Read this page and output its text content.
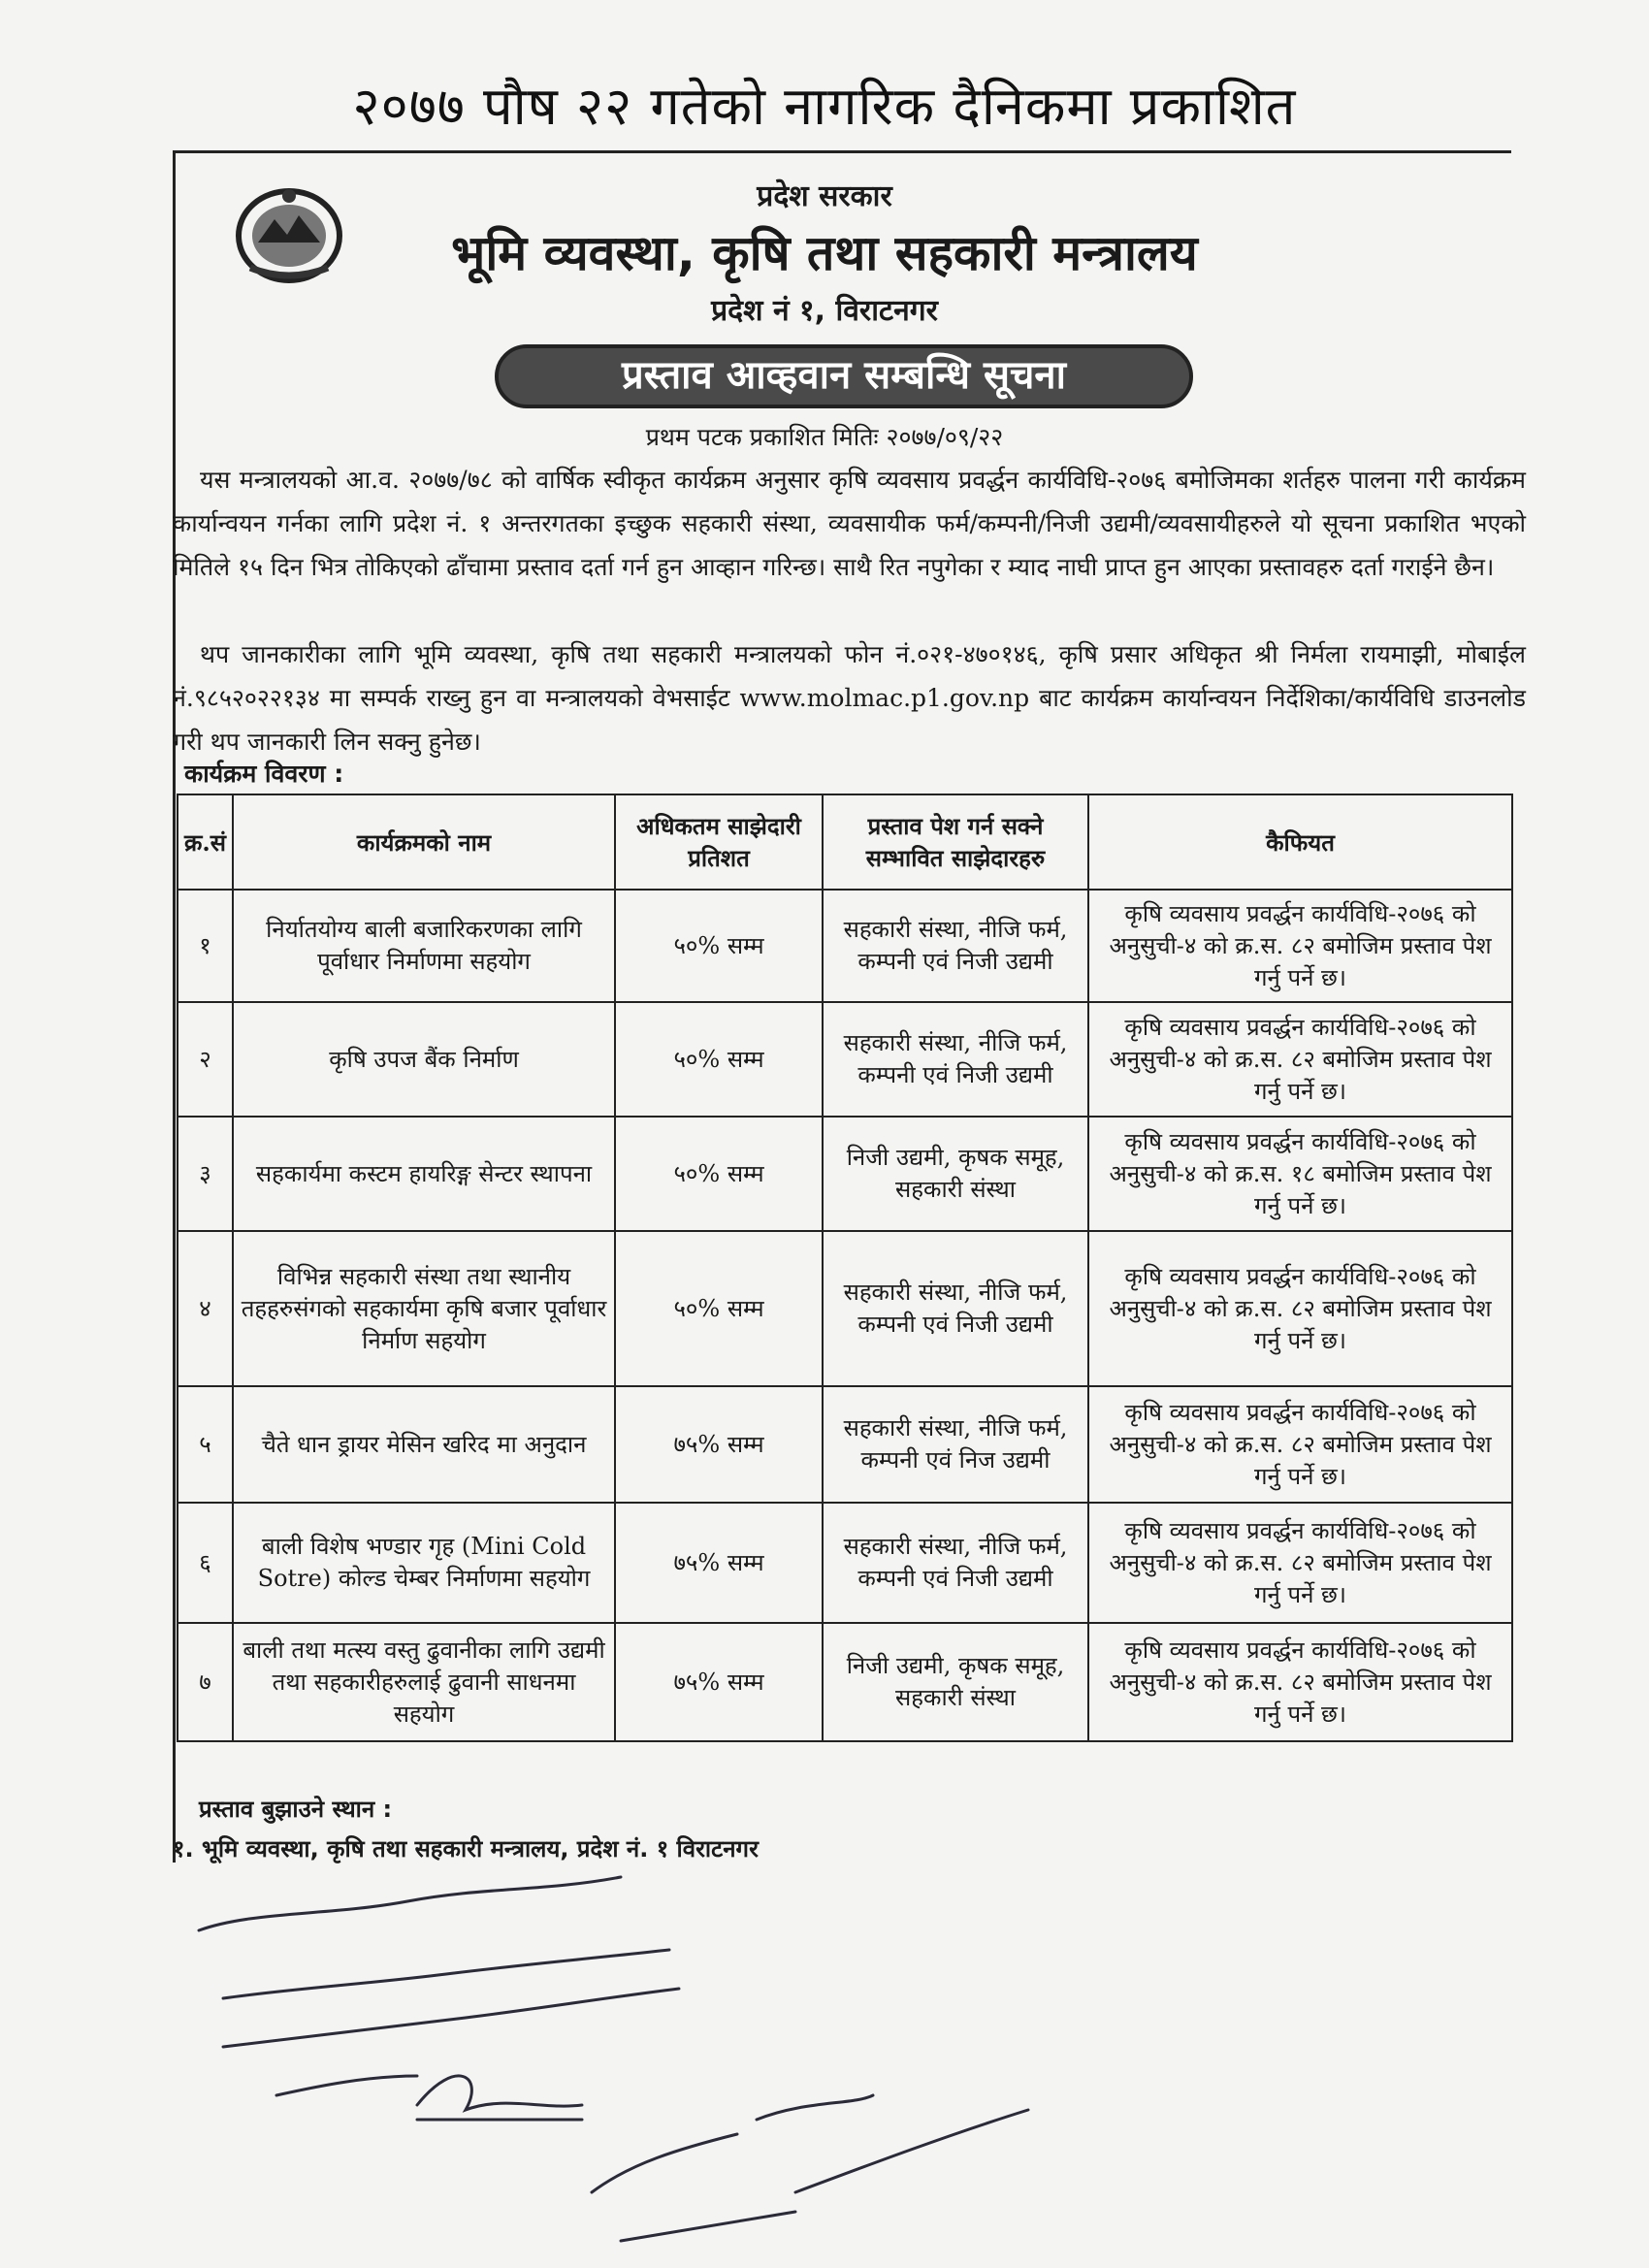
२०७७ पौष २२ गतेको नागरिक दैनिकमा प्रकाशित
प्रदेश सरकार
भूमि व्यवस्था, कृषि तथा सहकारी मन्त्रालय
प्रदेश नं १, विराटनगर
प्रस्ताव आव्हवान सम्बन्धि सूचना
प्रथम पटक प्रकाशित मितिः २०७७/०९/२२
यस मन्त्रालयको आ.व. २०७७/७८ को वार्षिक स्वीकृत कार्यक्रम अनुसार कृषि व्यवसाय प्रवर्द्धन कार्यविधि-२०७६ बमोजिमका शर्तहरु पालना गरी कार्यक्रम कार्यान्वयन गर्नका लागि प्रदेश नं. १ अन्तरगतका इच्छुक सहकारी संस्था, व्यवसायीक फर्म/कम्पनी/निजी उद्यमी/व्यवसायीहरुले यो सूचना प्रकाशित भएको मितिले १५ दिन भित्र तोकिएको ढाँचामा प्रस्ताव दर्ता गर्न हुन आव्हान गरिन्छ। साथै रित नपुगेका र म्याद नाघी प्राप्त हुन आएका प्रस्तावहरु दर्ता गराईने छैन।
थप जानकारीका लागि भूमि व्यवस्था, कृषि तथा सहकारी मन्त्रालयको फोन नं.०२१-४७०१४६, कृषि प्रसार अधिकृत श्री निर्मला रायमाझी, मोबाईल नं.९८५२०२२१३४ मा सम्पर्क राख्नु हुन वा मन्त्रालयको वेभसाईट www.molmac.p1.gov.np बाट कार्यक्रम कार्यान्वयन निर्देशिका/कार्यविधि डाउनलोड गरी थप जानकारी लिन सक्नु हुनेछ।
कार्यक्रम विवरण :
क्र.सं	कार्यक्रमको नाम	अधिकतम साझेदारी प्रतिशत	प्रस्ताव पेश गर्न सक्ने सम्भावित साझेदारहरु	कैफियत
१	निर्यातयोग्य बाली बजारिकरणका लागि पूर्वाधार निर्माणमा सहयोग	५०% सम्म	सहकारी संस्था, नीजि फर्म, कम्पनी एवं निजी उद्यमी	कृषि व्यवसाय प्रवर्द्धन कार्यविधि-२०७६ को अनुसुची-४ को क्र.स. ८२ बमोजिम प्रस्ताव पेश गर्नु पर्ने छ।
२	कृषि उपज बैंक निर्माण	५०% सम्म	सहकारी संस्था, नीजि फर्म, कम्पनी एवं निजी उद्यमी	कृषि व्यवसाय प्रवर्द्धन कार्यविधि-२०७६ को अनुसुची-४ को क्र.स. ८२ बमोजिम प्रस्ताव पेश गर्नु पर्ने छ।
३	सहकार्यमा कस्टम हायरिङ्ग सेन्टर स्थापना	५०% सम्म	निजी उद्यमी, कृषक समूह, सहकारी संस्था	कृषि व्यवसाय प्रवर्द्धन कार्यविधि-२०७६ को अनुसुची-४ को क्र.स. १८ बमोजिम प्रस्ताव पेश गर्नु पर्ने छ।
४	विभिन्न सहकारी संस्था तथा स्थानीय तहहरुसंगको सहकार्यमा कृषि बजार पूर्वाधार निर्माण सहयोग	५०% सम्म	सहकारी संस्था, नीजि फर्म, कम्पनी एवं निजी उद्यमी	कृषि व्यवसाय प्रवर्द्धन कार्यविधि-२०७६ को अनुसुची-४ को क्र.स. ८२ बमोजिम प्रस्ताव पेश गर्नु पर्ने छ।
५	चैते धान ड्रायर मेसिन खरिद मा अनुदान	७५% सम्म	सहकारी संस्था, नीजि फर्म, कम्पनी एवं निज उद्यमी	कृषि व्यवसाय प्रवर्द्धन कार्यविधि-२०७६ को अनुसुची-४ को क्र.स. ८२ बमोजिम प्रस्ताव पेश गर्नु पर्ने छ।
६	बाली विशेष भण्डार गृह (Mini Cold Sotre) कोल्ड चेम्बर निर्माणमा सहयोग	७५% सम्म	सहकारी संस्था, नीजि फर्म, कम्पनी एवं निजी उद्यमी	कृषि व्यवसाय प्रवर्द्धन कार्यविधि-२०७६ को अनुसुची-४ को क्र.स. ८२ बमोजिम प्रस्ताव पेश गर्नु पर्ने छ।
७	बाली तथा मत्स्य वस्तु ढुवानीका लागि उद्यमी तथा सहकारीहरुलाई ढुवानी साधनमा सहयोग	७५% सम्म	निजी उद्यमी, कृषक समूह, सहकारी संस्था	कृषि व्यवसाय प्रवर्द्धन कार्यविधि-२०७६ को अनुसुची-४ को क्र.स. ८२ बमोजिम प्रस्ताव पेश गर्नु पर्ने छ।
प्रस्ताव बुझाउने स्थान :
१. भूमि व्यवस्था, कृषि तथा सहकारी मन्त्रालय, प्रदेश नं. १ विराटनगर
